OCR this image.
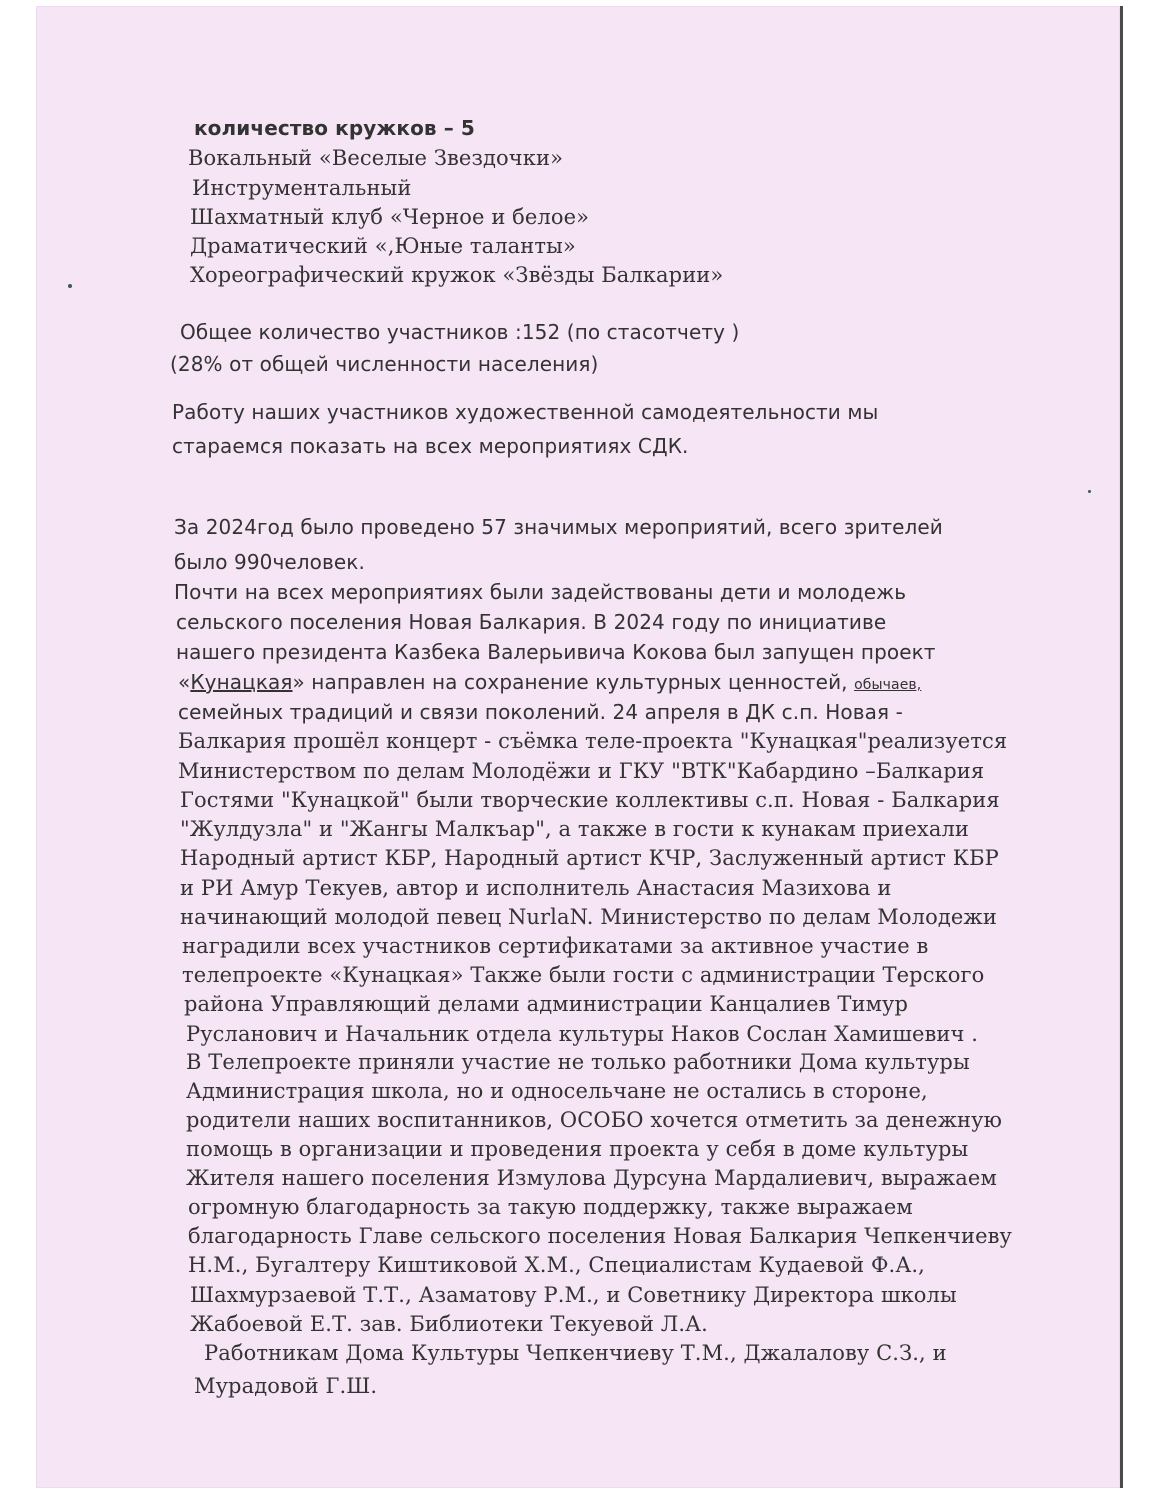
количество кружков – 5
Вокальный «Веселые Звездочки»
Инструментальный
Шахматный клуб «Черное и белое»
Драматический «,Юные таланты»
Хореографический кружок «Звёзды Балкарии»
Общее количество участников :152 (по стасотчету )
(28% от общей численности населения)
Работу наших участников художественной самодеятельности мы
стараемся показать на всех мероприятиях СДК.
За 2024год было проведено 57 значимых мероприятий, всего зрителей
было 990человек.
Почти на всех мероприятиях были задействованы дети и молодежь
сельского поселения Новая Балкария. В 2024 году по инициативе
нашего президента Казбека Валерьивича Кокова был запущен проект
«Кунацкая» направлен на сохранение культурных ценностей, обычаев,
семейных традиций и связи поколений. 24 апреля в ДК с.п. Новая -
Балкария прошёл концерт - съёмка теле-проекта "Кунацкая"реализуется
Министерством по делам Молодёжи и ГКУ "ВТК"Кабардино –Балкария
Гостями "Кунацкой" были творческие коллективы с.п. Новая - Балкария
"Жулдузла" и "Жангы Малкъар", а также в гости к кунакам приехали
Народный артист КБР, Народный артист КЧР, Заслуженный артист КБР
и РИ Амур Текуев, автор и исполнитель Анастасия Мазихова и
начинающий молодой певец NurlaN. Министерство по делам Молодежи
наградили всех участников сертификатами за активное участие в
телепроекте «Кунацкая» Также были гости с администрации Терского
района Управляющий делами администрации Канцалиев Тимур
Русланович и Начальник отдела культуры Наков Сослан Хамишевич .
В Телепроекте приняли участие не только работники Дома культуры
Администрация школа, но и односельчане не остались в стороне,
родители наших воспитанников, ОСОБО хочется отметить за денежную
помощь в организации и проведения проекта у себя в доме культуры
Жителя нашего поселения Измулова Дурсуна Мардалиевич, выражаем
огромную благодарность за такую поддержку, также выражаем
благодарность Главе сельского поселения Новая Балкария Чепкенчиеву
Н.М., Бугалтеру Киштиковой Х.М., Специалистам Кудаевой Ф.А.,
Шахмурзаевой Т.Т., Азаматову Р.М., и Советнику Директора школы
Жабоевой Е.Т. зав. Библиотеки Текуевой Л.А.
Работникам Дома Культуры Чепкенчиеву Т.М., Джалалову С.З., и
Мурадовой Г.Ш.
